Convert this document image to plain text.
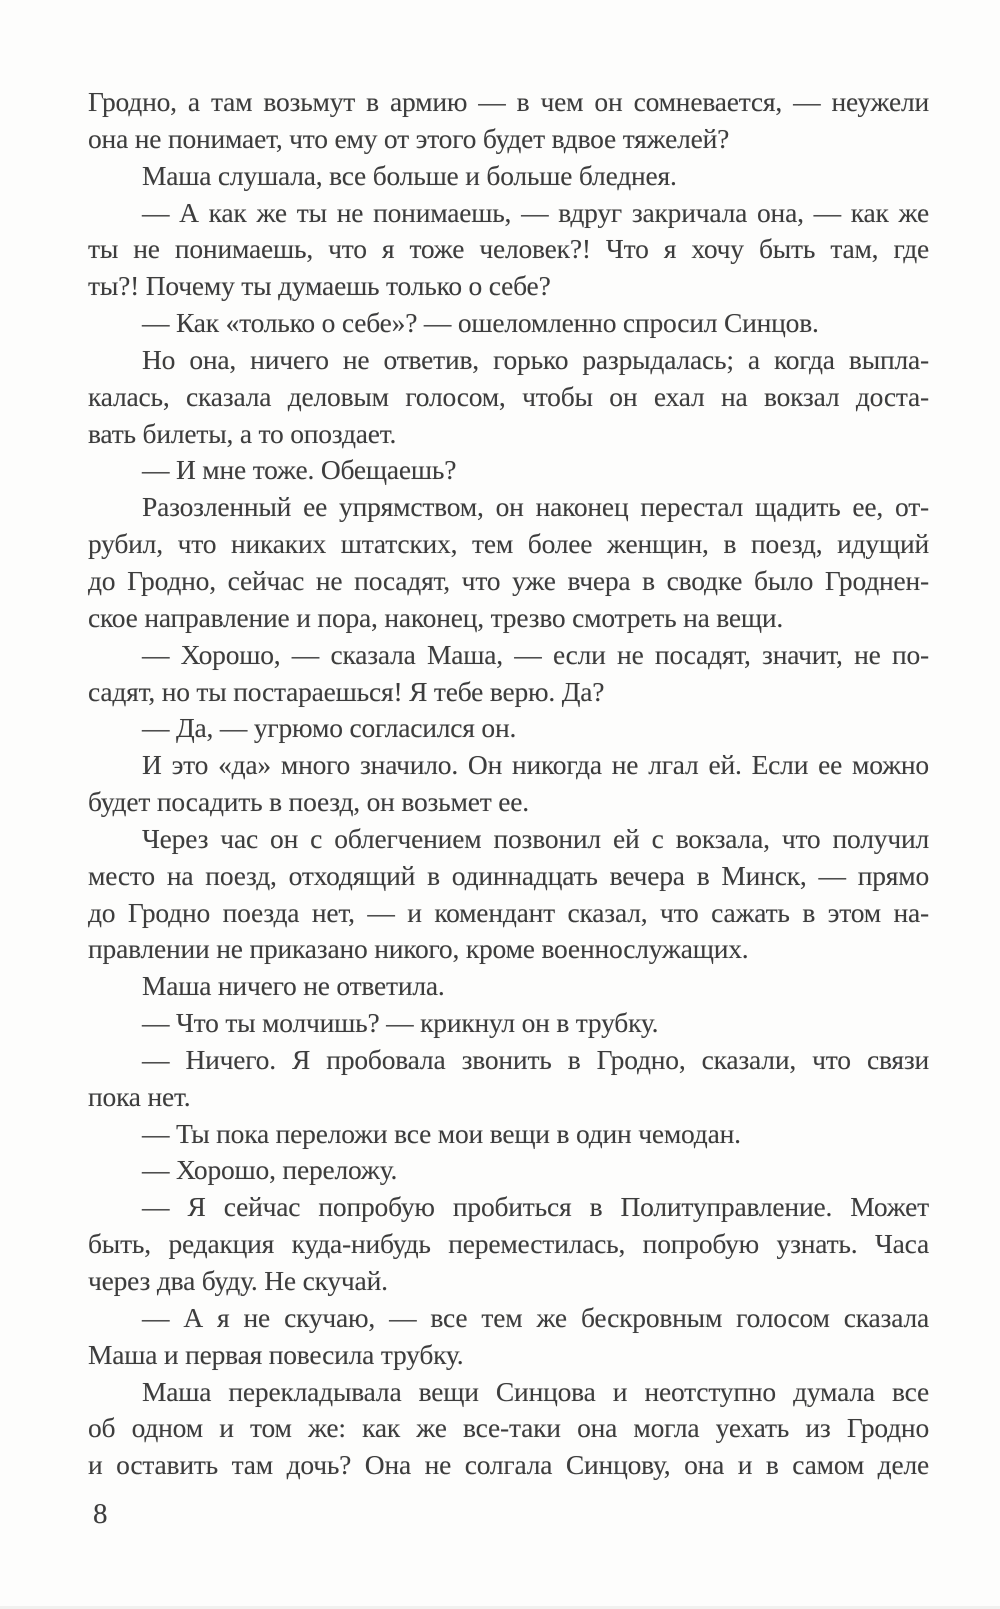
Гродно, а там возьмут в армию — в чем он сомневается, — неужели
она не понимает, что ему от этого будет вдвое тяжелей?
Маша слушала, все больше и больше бледнея.
— А как же ты не понимаешь, — вдруг закричала она, — как же
ты не понимаешь, что я тоже человек?! Что я хочу быть там, где
ты?! Почему ты думаешь только о себе?
— Как «только о себе»? — ошеломленно спросил Синцов.
Но она, ничего не ответив, горько разрыдалась; а когда выпла-
калась, сказала деловым голосом, чтобы он ехал на вокзал доста-
вать билеты, а то опоздает.
— И мне тоже. Обещаешь?
Разозленный ее упрямством, он наконец перестал щадить ее, от-
рубил, что никаких штатских, тем более женщин, в поезд, идущий
до Гродно, сейчас не посадят, что уже вчера в сводке было Гроднен-
ское направление и пора, наконец, трезво смотреть на вещи.
— Хорошо, — сказала Маша, — если не посадят, значит, не по-
садят, но ты постараешься! Я тебе верю. Да?
— Да, — угрюмо согласился он.
И это «да» много значило. Он никогда не лгал ей. Если ее можно
будет посадить в поезд, он возьмет ее.
Через час он с облегчением позвонил ей с вокзала, что получил
место на поезд, отходящий в одиннадцать вечера в Минск, — прямо
до Гродно поезда нет, — и комендант сказал, что сажать в этом на-
правлении не приказано никого, кроме военнослужащих.
Маша ничего не ответила.
— Что ты молчишь? — крикнул он в трубку.
— Ничего. Я пробовала звонить в Гродно, сказали, что связи
пока нет.
— Ты пока переложи все мои вещи в один чемодан.
— Хорошо, переложу.
— Я сейчас попробую пробиться в Политуправление. Может
быть, редакция куда-нибудь переместилась, попробую узнать. Часа
через два буду. Не скучай.
— А я не скучаю, — все тем же бескровным голосом сказала
Маша и первая повесила трубку.
Маша перекладывала вещи Синцова и неотступно думала все
об одном и том же: как же все-таки она могла уехать из Гродно
и оставить там дочь? Она не солгала Синцову, она и в самом деле
8
